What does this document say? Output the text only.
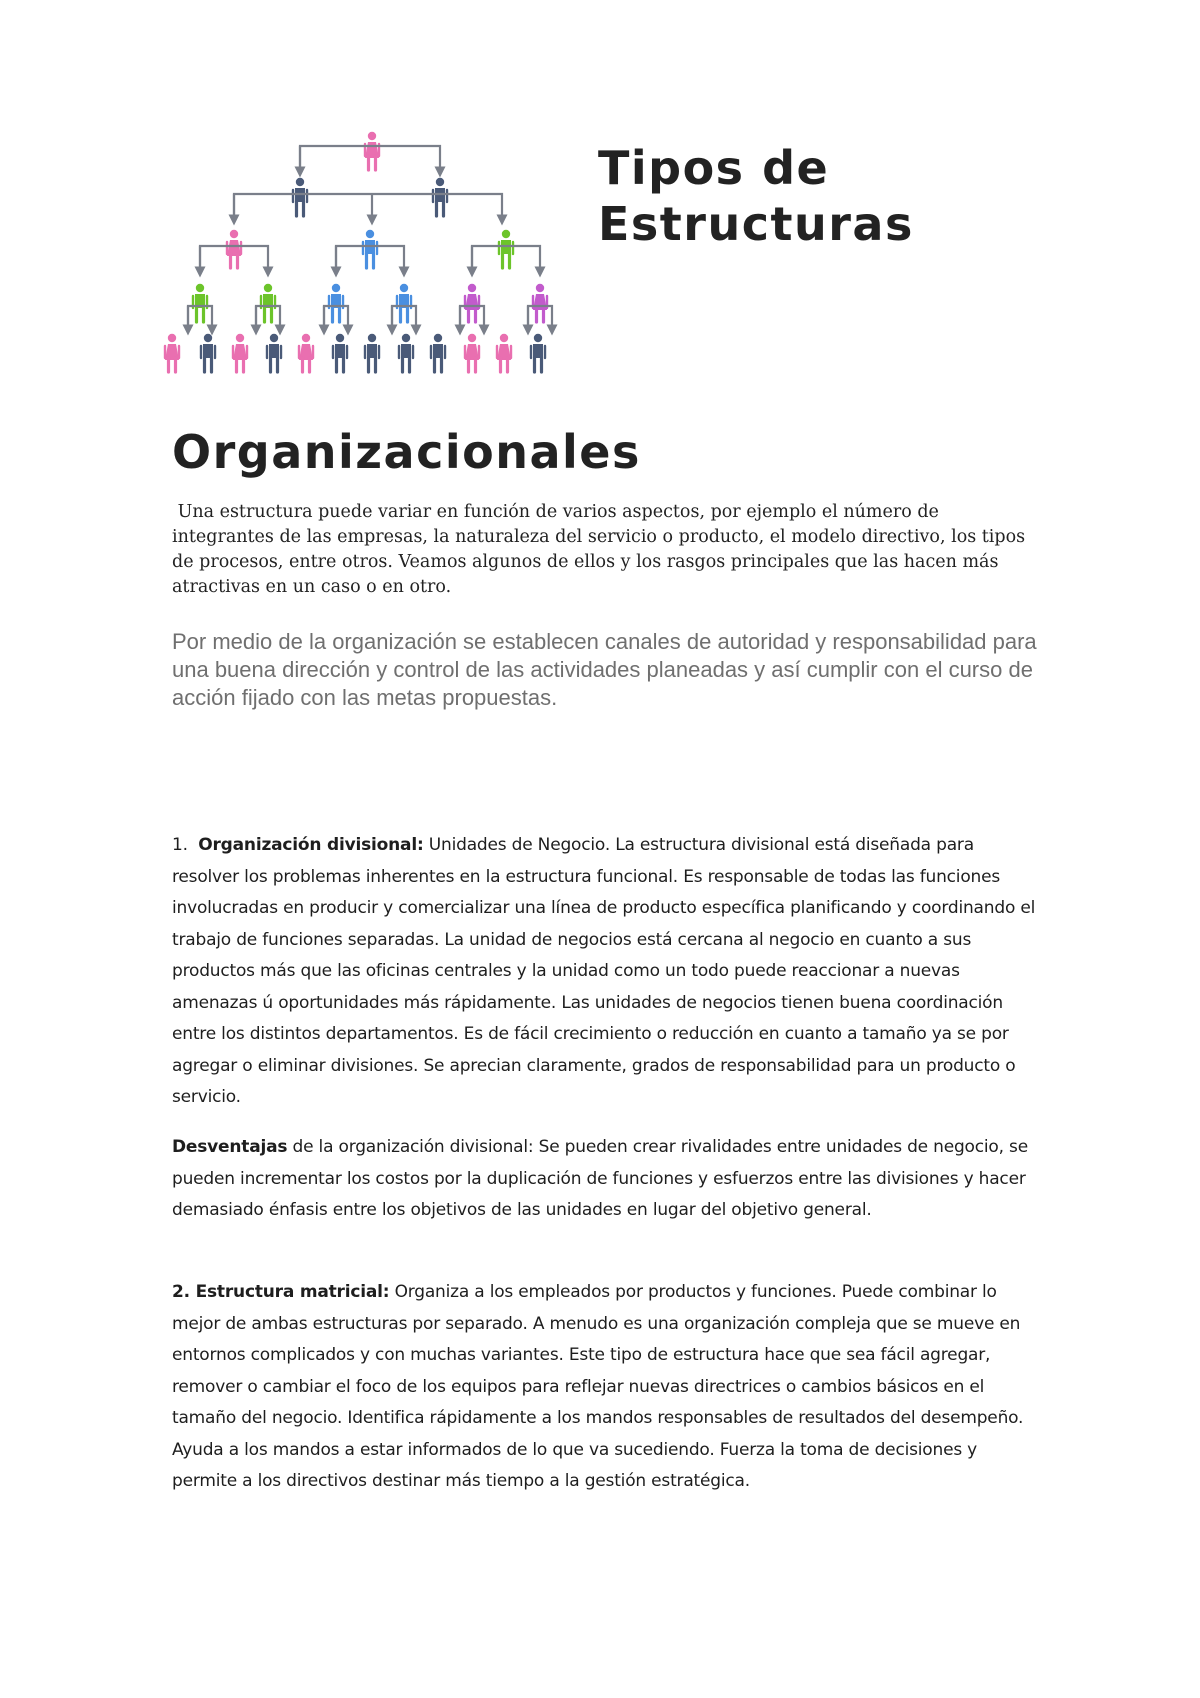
Tipos de
Estructuras
Organizacionales

Una estructura puede variar en función de varios aspectos, por ejemplo el número de integrantes de las empresas, la naturaleza del servicio o producto, el modelo directivo, los tipos de procesos, entre otros. Veamos algunos de ellos y los rasgos principales que las hacen más atractivas en un caso o en otro.

Por medio de la organización se establecen canales de autoridad y responsabilidad para una buena dirección y control de las actividades planeadas y así cumplir con el curso de acción fijado con las metas propuestas.

1. Organización divisional: Unidades de Negocio. La estructura divisional está diseñada para resolver los problemas inherentes en la estructura funcional. Es responsable de todas las funciones involucradas en producir y comercializar una línea de producto específica planificando y coordinando el trabajo de funciones separadas. La unidad de negocios está cercana al negocio en cuanto a sus productos más que las oficinas centrales y la unidad como un todo puede reaccionar a nuevas amenazas ú oportunidades más rápidamente. Las unidades de negocios tienen buena coordinación entre los distintos departamentos. Es de fácil crecimiento o reducción en cuanto a tamaño ya se por agregar o eliminar divisiones. Se aprecian claramente, grados de responsabilidad para un producto o servicio.

Desventajas de la organización divisional: Se pueden crear rivalidades entre unidades de negocio, se pueden incrementar los costos por la duplicación de funciones y esfuerzos entre las divisiones y hacer demasiado énfasis entre los objetivos de las unidades en lugar del objetivo general.

2. Estructura matricial: Organiza a los empleados por productos y funciones. Puede combinar lo mejor de ambas estructuras por separado. A menudo es una organización compleja que se mueve en entornos complicados y con muchas variantes. Este tipo de estructura hace que sea fácil agregar, remover o cambiar el foco de los equipos para reflejar nuevas directrices o cambios básicos en el tamaño del negocio. Identifica rápidamente a los mandos responsables de resultados del desempeño. Ayuda a los mandos a estar informados de lo que va sucediendo. Fuerza la toma de decisiones y permite a los directivos destinar más tiempo a la gestión estratégica.
